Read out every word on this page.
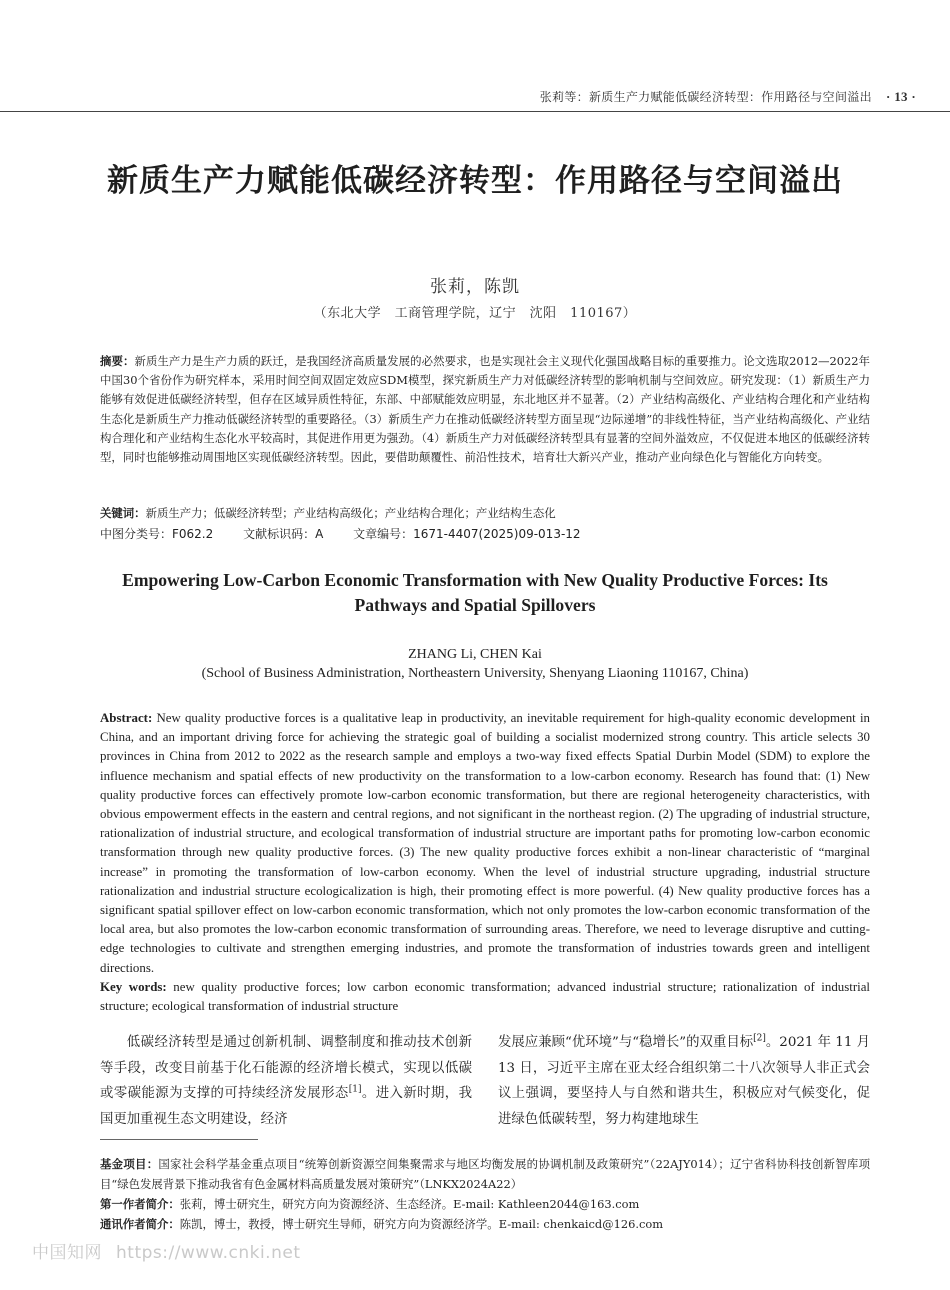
张莉等：新质生产力赋能低碳经济转型：作用路径与空间溢出 · 13 ·
新质生产力赋能低碳经济转型：作用路径与空间溢出
张莉，陈凯
（东北大学　工商管理学院，辽宁　沈阳　110167）
摘要：新质生产力是生产力质的跃迁，是我国经济高质量发展的必然要求，也是实现社会主义现代化强国战略目标的重要推力。论文选取2012—2022年中国30个省份作为研究样本，采用时间空间双固定效应SDM模型，探究新质生产力对低碳经济转型的影响机制与空间效应。研究发现：（1）新质生产力能够有效促进低碳经济转型，但存在区域异质性特征，东部、中部赋能效应明显，东北地区并不显著。（2）产业结构高级化、产业结构合理化和产业结构生态化是新质生产力推动低碳经济转型的重要路径。（3）新质生产力在推动低碳经济转型方面呈现“边际递增”的非线性特征，当产业结构高级化、产业结构合理化和产业结构生态化水平较高时，其促进作用更为强劲。（4）新质生产力对低碳经济转型具有显著的空间外溢效应，不仅促进本地区的低碳经济转型，同时也能够推动周围地区实现低碳经济转型。因此，要借助颠覆性、前沿性技术，培育壮大新兴产业，推动产业向绿色化与智能化方向转变。
关键词：新质生产力；低碳经济转型；产业结构高级化；产业结构合理化；产业结构生态化
中图分类号：F062.2 文献标识码：A 文章编号：1671-4407(2025)09-013-12
Empowering Low-Carbon Economic Transformation with New Quality Productive Forces: Its Pathways and Spatial Spillovers
ZHANG Li, CHEN Kai
(School of Business Administration, Northeastern University, Shenyang Liaoning 110167, China)
Abstract: New quality productive forces is a qualitative leap in productivity, an inevitable requirement for high-quality economic development in China, and an important driving force for achieving the strategic goal of building a socialist modernized strong country. This article selects 30 provinces in China from 2012 to 2022 as the research sample and employs a two-way fixed effects Spatial Durbin Model (SDM) to explore the influence mechanism and spatial effects of new productivity on the transformation to a low-carbon economy. Research has found that: (1) New quality productive forces can effectively promote low-carbon economic transformation, but there are regional heterogeneity characteristics, with obvious empowerment effects in the eastern and central regions, and not significant in the northeast region. (2) The upgrading of industrial structure, rationalization of industrial structure, and ecological transformation of industrial structure are important paths for promoting low-carbon economic transformation through new quality productive forces. (3) The new quality productive forces exhibit a non-linear characteristic of “marginal increase” in promoting the transformation of low-carbon economy. When the level of industrial structure upgrading, industrial structure rationalization and industrial structure ecologicalization is high, their promoting effect is more powerful. (4) New quality productive forces has a significant spatial spillover effect on low-carbon economic transformation, which not only promotes the low-carbon economic transformation of the local area, but also promotes the low-carbon economic transformation of surrounding areas. Therefore, we need to leverage disruptive and cutting-edge technologies to cultivate and strengthen emerging industries, and promote the transformation of industries towards green and intelligent directions.
Key words: new quality productive forces; low carbon economic transformation; advanced industrial structure; rationalization of industrial structure; ecological transformation of industrial structure

低碳经济转型是通过创新机制、调整制度和推动技术创新等手段，改变目前基于化石能源的经济增长模式，实现以低碳或零碳能源为支撑的可持续经济发展形态[1]。进入新时期，我国更加重视生态文明建设，经济

发展应兼顾“优环境”与“稳增长”的双重目标[2]。2021 年 11 月 13 日，习近平主席在亚太经合组织第二十八次领导人非正式会议上强调，要坚持人与自然和谐共生，积极应对气候变化，促进绿色低碳转型，努力构建地球生

基金项目：国家社会科学基金重点项目“统筹创新资源空间集聚需求与地区均衡发展的协调机制及政策研究”（22AJY014）；辽宁省科协科技创新智库项目“绿色发展背景下推动我省有色金属材料高质量发展对策研究”（LNKX2024A22）
第一作者简介：张莉，博士研究生，研究方向为资源经济、生态经济。E-mail: Kathleen2044@163.com
通讯作者简介：陈凯，博士，教授，博士研究生导师，研究方向为资源经济学。E-mail: chenkaicd@126.com
中国知网 https://www.cnki.net
